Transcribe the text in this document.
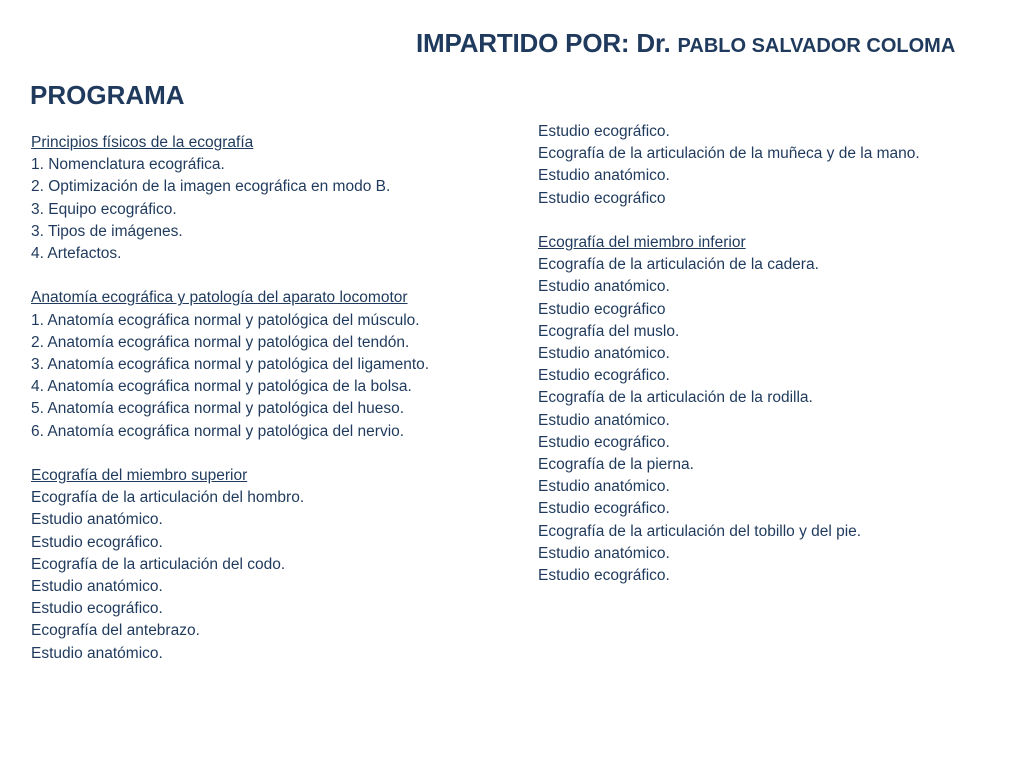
IMPARTIDO POR: Dr. PABLO SALVADOR COLOMA
PROGRAMA
Principios físicos de la ecografía
1. Nomenclatura ecográfica.
2. Optimización de la imagen ecográfica en modo B.
3. Equipo ecográfico.
3. Tipos de imágenes.
4. Artefactos.
Anatomía ecográfica y patología del aparato locomotor
1. Anatomía ecográfica normal y patológica del músculo.
2. Anatomía ecográfica normal y patológica del tendón.
3. Anatomía ecográfica normal y patológica del ligamento.
4. Anatomía ecográfica normal y patológica de la bolsa.
5. Anatomía ecográfica normal y patológica del hueso.
6. Anatomía ecográfica normal y patológica del nervio.
Ecografía del miembro superior
Ecografía de la articulación del hombro.
Estudio anatómico.
Estudio ecográfico.
Ecografía de la articulación del codo.
Estudio anatómico.
Estudio ecográfico.
Ecografía del antebrazo.
Estudio anatómico.
Estudio ecográfico.
Ecografía de la articulación de la muñeca y de la mano.
Estudio anatómico.
Estudio ecográfico
Ecografía del miembro inferior
Ecografía de la articulación de la cadera.
Estudio anatómico.
Estudio ecográfico
Ecografía del muslo.
Estudio anatómico.
Estudio ecográfico.
Ecografía de la articulación de la rodilla.
Estudio anatómico.
Estudio ecográfico.
Ecografía de la pierna.
Estudio anatómico.
Estudio ecográfico.
Ecografía de la articulación del tobillo y del pie.
Estudio anatómico.
Estudio ecográfico.
